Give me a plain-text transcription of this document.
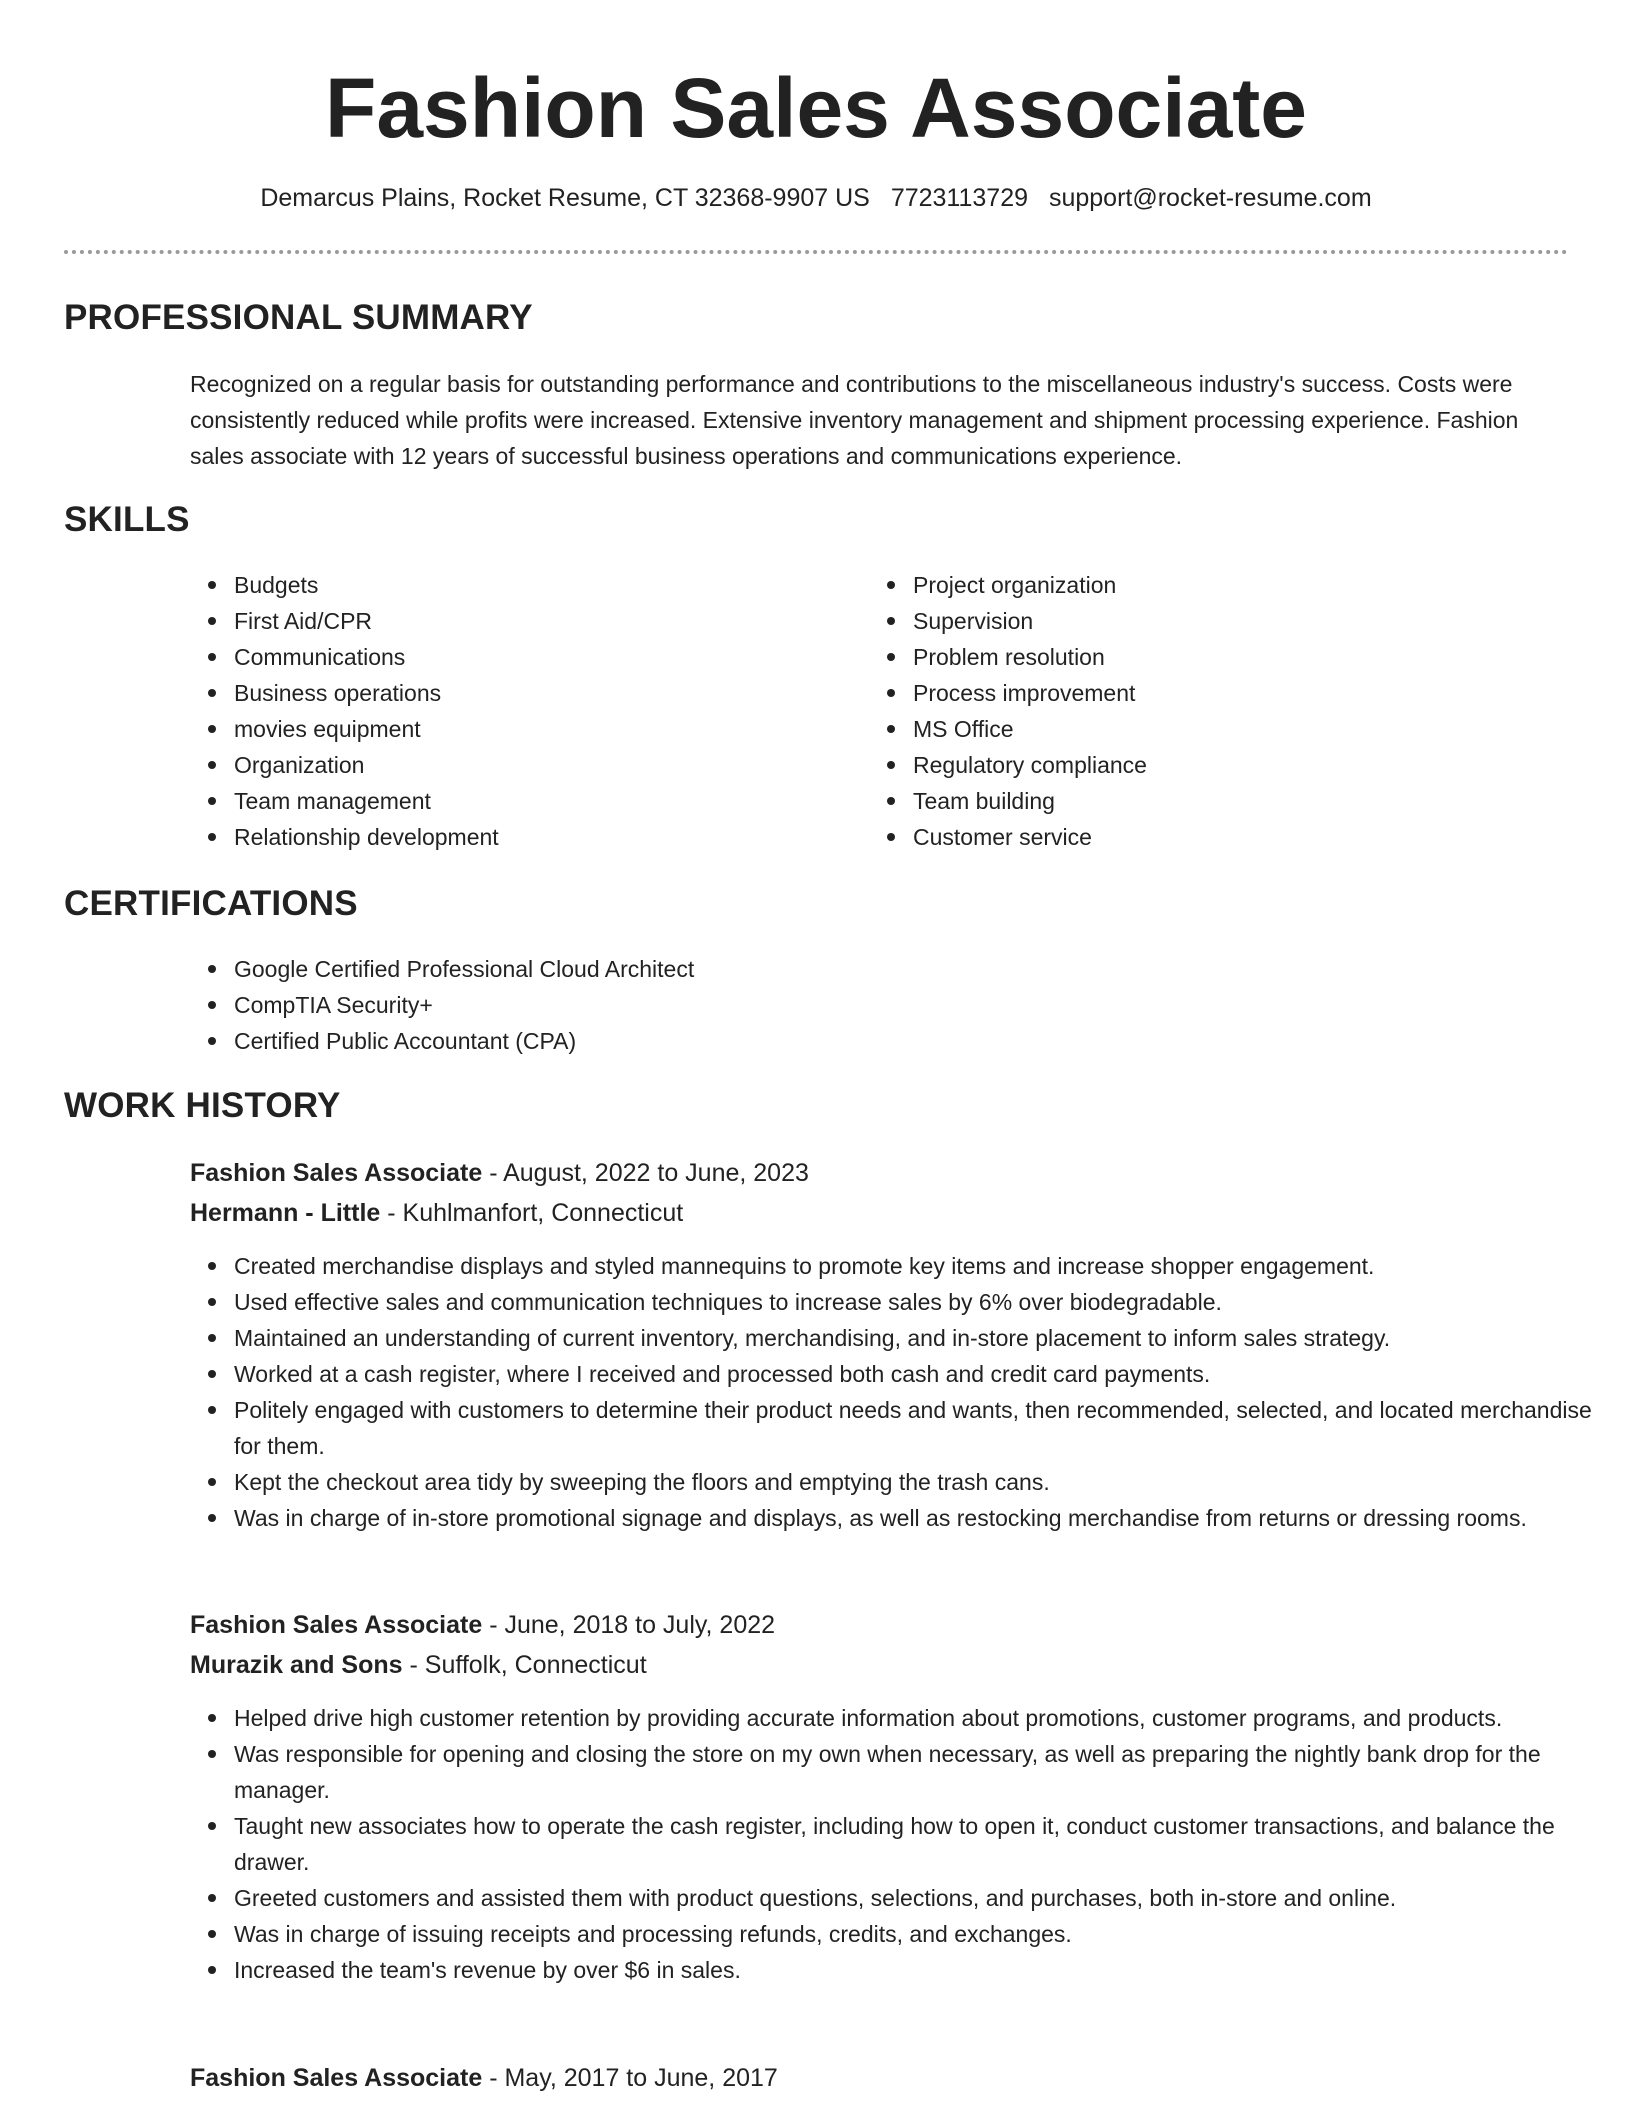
Fashion Sales Associate
Demarcus Plains, Rocket Resume, CT 32368-9907 US 7723113729 support@rocket-resume.com
PROFESSIONAL SUMMARY

Recognized on a regular basis for outstanding performance and contributions to the miscellaneous industry's success. Costs were consistently reduced while profits were increased. Extensive inventory management and shipment processing experience. Fashion sales associate with 12 years of successful business operations and communications experience.

SKILLS
Budgets
First Aid/CPR
Communications
Business operations
movies equipment
Organization
Team management
Relationship development
Project organization
Supervision
Problem resolution
Process improvement
MS Office
Regulatory compliance
Team building
Customer service
CERTIFICATIONS
Google Certified Professional Cloud Architect
CompTIA Security+
Certified Public Accountant (CPA)
WORK HISTORY
Fashion Sales Associate - August, 2022 to June, 2023
Hermann - Little - Kuhlmanfort, Connecticut
Created merchandise displays and styled mannequins to promote key items and increase shopper engagement.
Used effective sales and communication techniques to increase sales by 6% over biodegradable.
Maintained an understanding of current inventory, merchandising, and in-store placement to inform sales strategy.
Worked at a cash register, where I received and processed both cash and credit card payments.
Politely engaged with customers to determine their product needs and wants, then recommended, selected, and located merchandise for them.
Kept the checkout area tidy by sweeping the floors and emptying the trash cans.
Was in charge of in-store promotional signage and displays, as well as restocking merchandise from returns or dressing rooms.
Fashion Sales Associate - June, 2018 to July, 2022
Murazik and Sons - Suffolk, Connecticut
Helped drive high customer retention by providing accurate information about promotions, customer programs, and products.
Was responsible for opening and closing the store on my own when necessary, as well as preparing the nightly bank drop for the manager.
Taught new associates how to operate the cash register, including how to open it, conduct customer transactions, and balance the drawer.
Greeted customers and assisted them with product questions, selections, and purchases, both in-store and online.
Was in charge of issuing receipts and processing refunds, credits, and exchanges.
Increased the team's revenue by over $6 in sales.
Fashion Sales Associate - May, 2017 to June, 2017
